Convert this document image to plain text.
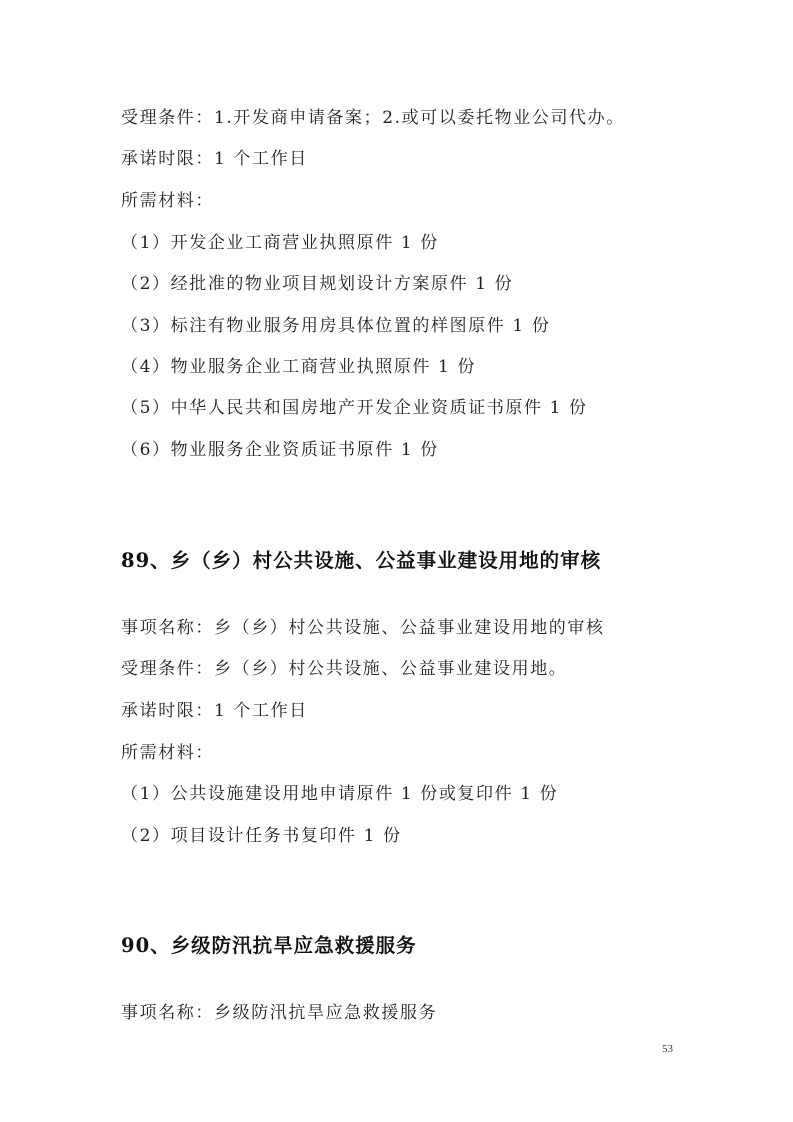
受理条件：1.开发商申请备案；2.或可以委托物业公司代办。
承诺时限：1 个工作日
所需材料：
（1）开发企业工商营业执照原件 1 份
（2）经批准的物业项目规划设计方案原件 1 份
（3）标注有物业服务用房具体位置的样图原件 1 份
（4）物业服务企业工商营业执照原件 1 份
（5）中华人民共和国房地产开发企业资质证书原件 1 份
（6）物业服务企业资质证书原件 1 份
89、乡（乡）村公共设施、公益事业建设用地的审核
事项名称：乡（乡）村公共设施、公益事业建设用地的审核
受理条件：乡（乡）村公共设施、公益事业建设用地。
承诺时限：1 个工作日
所需材料：
（1）公共设施建设用地申请原件 1 份或复印件 1 份
（2）项目设计任务书复印件 1 份
90、乡级防汛抗旱应急救援服务
事项名称：乡级防汛抗旱应急救援服务
53
